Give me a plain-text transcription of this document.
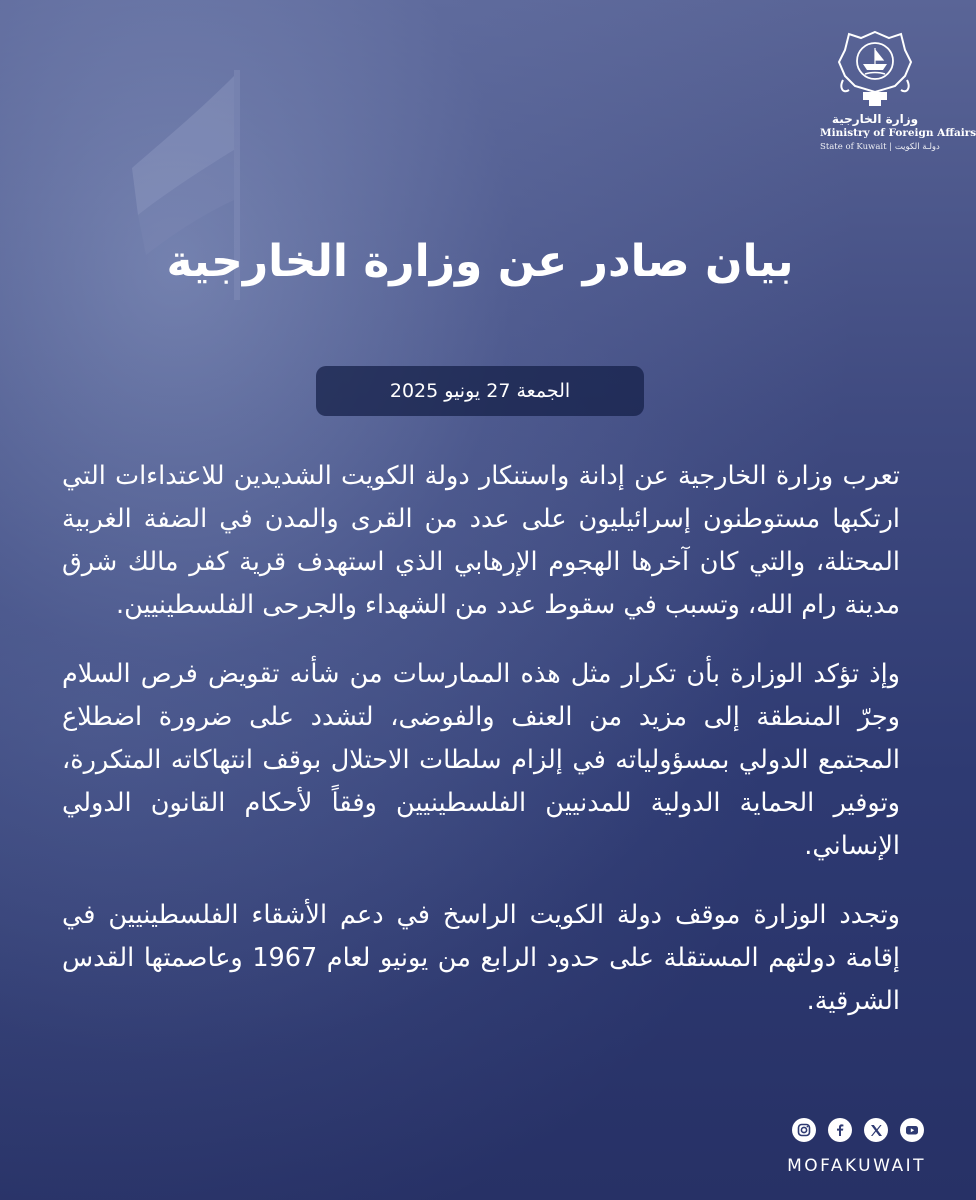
وزارة الخارجية
Ministry of Foreign Affairs
State of Kuwait | دولـة الكويت
بيان صادر عن وزارة الخارجية
الجمعة 27 يونيو 2025

تعرب وزارة الخارجية عن إدانة واستنكار دولة الكويت الشديدين للاعتداءات التي ارتكبها مستوطنون إسرائيليون على عدد من القرى والمدن في الضفة الغربية المحتلة، والتي كان آخرها الهجوم الإرهابي الذي استهدف قرية كفر مالك شرق مدينة رام الله، وتسبب في سقوط عدد من الشهداء والجرحى الفلسطينيين.

وإذ تؤكد الوزارة بأن تكرار مثل هذه الممارسات من شأنه تقويض فرص السلام وجرّ المنطقة إلى مزيد من العنف والفوضى، لتشدد على ضرورة اضطلاع المجتمع الدولي بمسؤولياته في إلزام سلطات الاحتلال بوقف انتهاكاته المتكررة، وتوفير الحماية الدولية للمدنيين الفلسطينيين وفقاً لأحكام القانون الدولي الإنساني.

وتجدد الوزارة موقف دولة الكويت الراسخ في دعم الأشقاء الفلسطينيين في إقامة دولتهم المستقلة على حدود الرابع من يونيو لعام 1967 وعاصمتها القدس الشرقية.

MOFAKUWAIT
